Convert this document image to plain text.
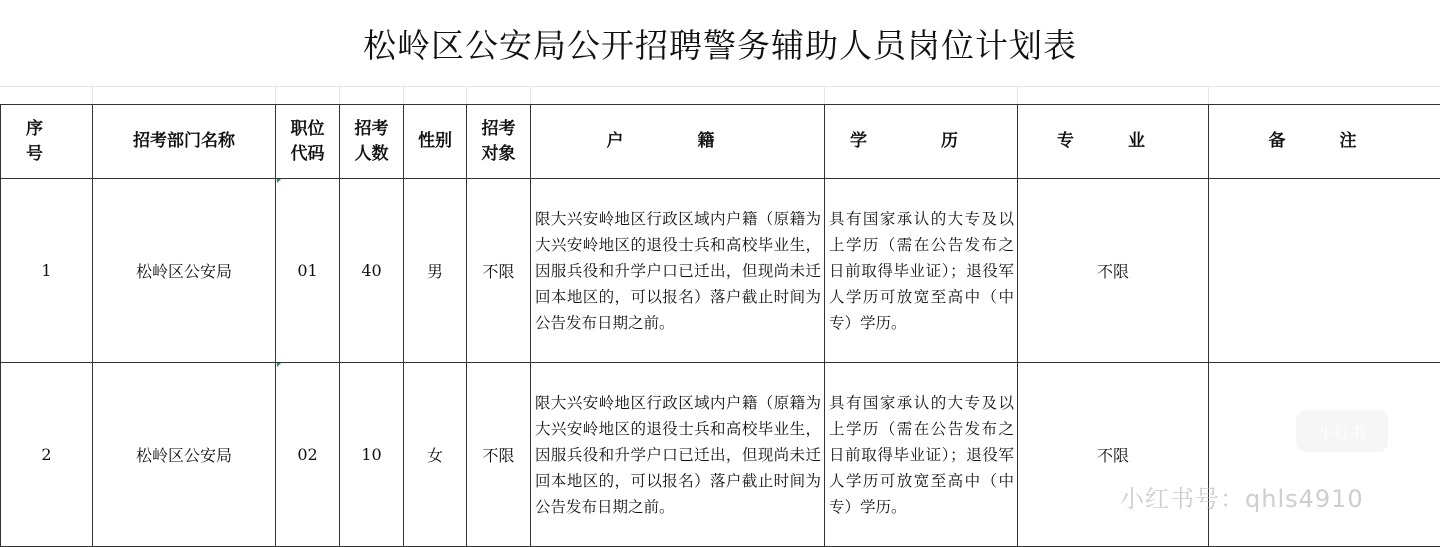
松岭区公安局公开招聘警务辅助人员岗位计划表
序 号	招考部门名称	职位代码	招考人数	性别	招考对象	户 籍	学 历	专 业	备 注
1	松岭区公安局	01	40	男	不限	限大兴安岭地区行政区域内户籍（原籍为大兴安岭地区的退役士兵和高校毕业生，因服兵役和升学户口已迁出，但现尚未迁回本地区的，可以报名）落户截止时间为公告发布日期之前。	具有国家承认的大专及以上学历（需在公告发布之日前取得毕业证）；退役军人学历可放宽至高中（中专）学历。	不限	
2	松岭区公安局	02	10	女	不限	限大兴安岭地区行政区域内户籍（原籍为大兴安岭地区的退役士兵和高校毕业生，因服兵役和升学户口已迁出，但现尚未迁回本地区的，可以报名）落户截止时间为公告发布日期之前。	具有国家承认的大专及以上学历（需在公告发布之日前取得毕业证）；退役军人学历可放宽至高中（中专）学历。	不限	
小红书
小红书号：qhls4910
